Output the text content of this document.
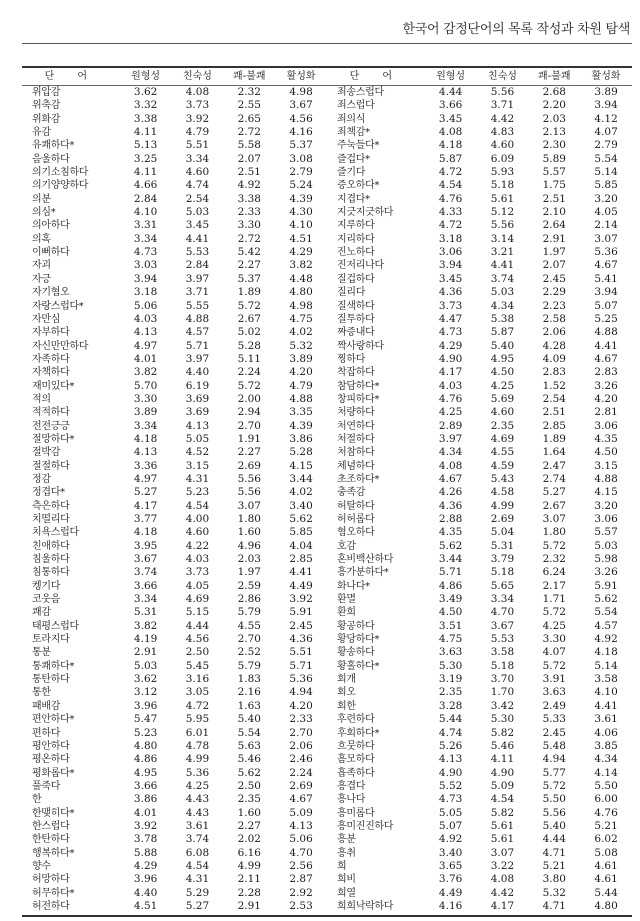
한국어 감정단어의 목록 작성과 차원 탐색
단 어	원형성	친숙성	쾌-불쾌	활성화
위압감	3.62	4.08	2.32	4.98
위축감	3.32	3.73	2.55	3.67
위화감	3.38	3.92	2.65	4.56
유감	4.11	4.79	2.72	4.16
유쾌하다*	5.13	5.51	5.58	5.37
음울하다	3.25	3.34	2.07	3.08
의기소침하다	4.11	4.60	2.51	2.79
의기양양하다	4.66	4.74	4.92	5.24
의분	2.84	2.54	3.38	4.39
의심*	4.10	5.03	2.33	4.30
의아하다	3.31	3.45	3.30	4.10
의혹	3.34	4.41	2.72	4.51
이뻐하다	4.73	5.53	5.42	4.29
자괴	3.03	2.84	2.27	3.82
자긍	3.94	3.97	5.37	4.48
자기혐오	3.18	3.71	1.89	4.80
자랑스럽다*	5.06	5.55	5.72	4.98
자만심	4.03	4.88	2.67	4.75
자부하다	4.13	4.57	5.02	4.02
자신만만하다	4.97	5.71	5.28	5.32
자족하다	4.01	3.97	5.11	3.89
자책하다	3.82	4.40	2.24	4.20
재미있다*	5.70	6.19	5.72	4.79
적의	3.30	3.69	2.00	4.88
적적하다	3.89	3.69	2.94	3.35
전전긍긍	3.34	4.13	2.70	4.39
절망하다*	4.18	5.05	1.91	3.86
절박감	4.13	4.52	2.27	5.28
절절하다	3.36	3.15	2.69	4.15
정감	4.97	4.31	5.56	3.44
정겹다*	5.27	5.23	5.56	4.02
측은하다	4.17	4.54	3.07	3.40
치떨리다	3.77	4.00	1.80	5.62
치욕스럽다	4.18	4.60	1.60	5.85
친애하다	3.95	4.22	4.96	4.04
침울하다	3.67	4.03	2.03	2.85
침통하다	3.74	3.73	1.97	4.41
켕기다	3.66	4.05	2.59	4.49
코웃음	3.34	4.69	2.86	3.92
쾌감	5.31	5.15	5.79	5.91
태평스럽다	3.82	4.44	4.55	2.45
토라지다	4.19	4.56	2.70	4.36
통분	2.91	2.50	2.52	5.51
통쾌하다*	5.03	5.45	5.79	5.71
통탄하다	3.62	3.16	1.83	5.36
통한	3.12	3.05	2.16	4.94
패배감	3.96	4.72	1.63	4.20
편안하다*	5.47	5.95	5.40	2.33
편하다	5.23	6.01	5.54	2.70
평안하다	4.80	4.78	5.63	2.06
평온하다	4.86	4.99	5.46	2.46
평화롭다*	4.95	5.36	5.62	2.24
풀죽다	3.66	4.25	2.50	2.69
한	3.86	4.43	2.35	4.67
한맺히다*	4.01	4.43	1.60	5.09
한스럽다	3.92	3.61	2.27	4.13
한탄하다	3.78	3.74	2.02	5.06
행복하다*	5.88	6.08	6.16	4.70
향수	4.29	4.54	4.99	2.56
허망하다	3.96	4.31	2.11	2.87
허무하다*	4.40	5.29	2.28	2.92
허전하다	4.51	5.27	2.91	2.53
단 어	원형성	친숙성	쾌-불쾌	활성화
죄송스럽다	4.44	5.56	2.68	3.89
죄스럽다	3.66	3.71	2.20	3.94
죄의식	3.45	4.42	2.03	4.12
죄책감*	4.08	4.83	2.13	4.07
주눅들다*	4.18	4.60	2.30	2.79
즐겁다*	5.87	6.09	5.89	5.54
즐기다	4.72	5.93	5.57	5.14
증오하다*	4.54	5.18	1.75	5.85
지겹다*	4.76	5.61	2.51	3.20
지긋지긋하다	4.33	5.12	2.10	4.05
지루하다	4.72	5.56	2.64	2.14
지리하다	3.18	3.14	2.91	3.07
진노하다	3.06	3.21	1.97	5.36
진저리나다	3.94	4.41	2.07	4.67
질겁하다	3.45	3.74	2.45	5.41
질리다	4.36	5.03	2.29	3.94
질색하다	3.73	4.34	2.23	5.07
질투하다	4.47	5.38	2.58	5.25
짜증내다	4.73	5.87	2.06	4.88
짝사랑하다	4.29	5.40	4.28	4.41
찡하다	4.90	4.95	4.09	4.67
착잡하다	4.17	4.50	2.83	2.83
참담하다*	4.03	4.25	1.52	3.26
창피하다*	4.76	5.69	2.54	4.20
처량하다	4.25	4.60	2.51	2.81
처연하다	2.89	2.35	2.85	3.06
처절하다	3.97	4.69	1.89	4.35
처참하다	4.34	4.55	1.64	4.50
체념하다	4.08	4.59	2.47	3.15
초조하다*	4.67	5.43	2.74	4.88
충족감	4.26	4.58	5.27	4.15
허탈하다	4.36	4.99	2.67	3.20
허허롭다	2.88	2.69	3.07	3.06
혐오하다	4.35	5.04	1.80	5.57
호감	5.62	5.31	5.72	5.03
혼비백산하다	3.44	3.79	2.32	5.98
흥가분하다*	5.71	5.18	6.24	3.26
화나다*	4.86	5.65	2.17	5.91
환멸	3.49	3.34	1.71	5.62
환희	4.50	4.70	5.72	5.54
황공하다	3.51	3.67	4.25	4.57
황당하다*	4.75	5.53	3.30	4.92
황송하다	3.63	3.58	4.07	4.18
황홀하다*	5.30	5.18	5.72	5.14
회개	3.19	3.70	3.91	3.58
회오	2.35	1.70	3.63	4.10
회한	3.28	3.42	2.49	4.41
후련하다	5.44	5.30	5.33	3.61
후회하다*	4.74	5.82	2.45	4.06
흐뭇하다	5.26	5.46	5.48	3.85
흠모하다	4.13	4.11	4.94	4.34
흡족하다	4.90	4.90	5.77	4.14
흥겹다	5.52	5.09	5.72	5.50
흥나다	4.73	4.54	5.50	6.00
흥미롭다	5.05	5.82	5.56	4.76
흥미진진하다	5.07	5.61	5.40	5.21
흥분	4.92	5.61	4.44	6.02
흥취	3.40	3.07	4.71	5.08
희	3.65	3.22	5.21	4.61
희비	3.76	4.08	3.80	4.61
희열	4.49	4.42	5.32	5.44
희희낙락하다	4.16	4.17	4.71	4.80
